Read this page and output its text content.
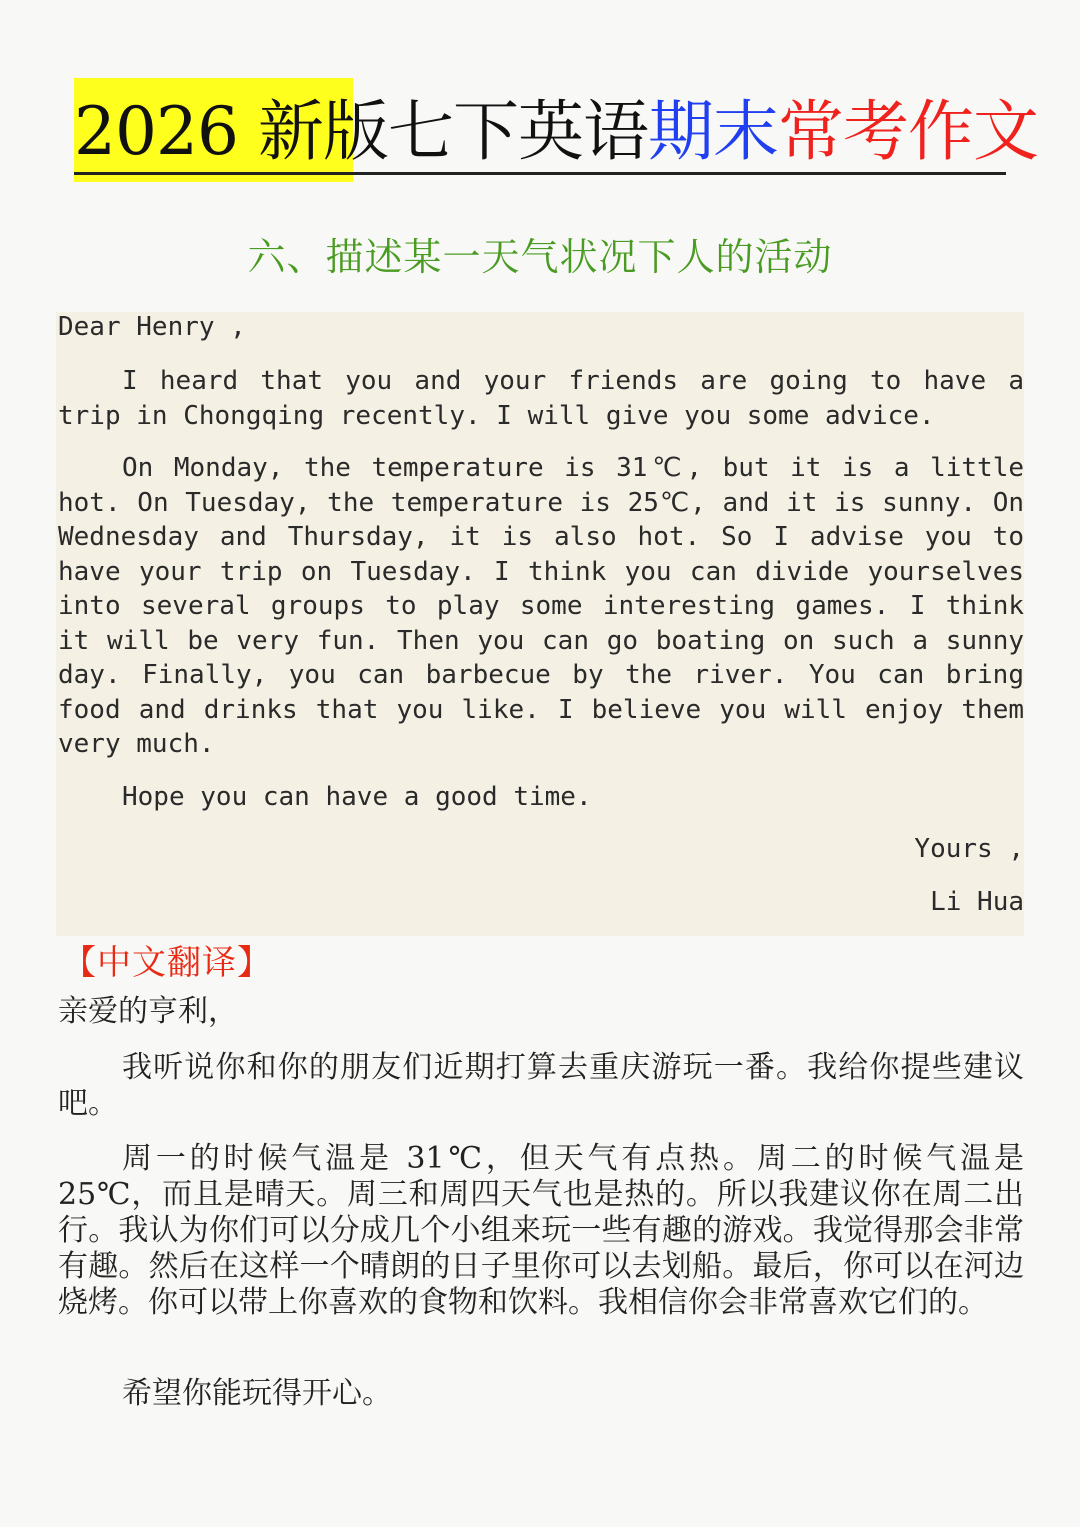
2026 新版七下英语期末常考作文
六、描述某一天气状况下人的活动
Dear Henry ,
I heard that you and your friends are going to have a trip in Chongqing recently. I will give you some advice.
On Monday, the temperature is 31℃, but it is a little hot. On Tuesday, the temperature is 25℃, and it is sunny. On Wednesday and Thursday, it is also hot. So I advise you to have your trip on Tuesday. I think you can divide yourselves into several groups to play some interesting games. I think it will be very fun. Then you can go boating on such a sunny day. Finally, you can barbecue by the river. You can bring food and drinks that you like. I believe you will enjoy them very much.
Hope you can have a good time.
Yours ,
Li Hua
【中文翻译】
亲爱的亨利，
我听说你和你的朋友们近期打算去重庆游玩一番。我给你提些建议吧。
周一的时候气温是 31℃，但天气有点热。周二的时候气温是25℃，而且是晴天。周三和周四天气也是热的。所以我建议你在周二出行。我认为你们可以分成几个小组来玩一些有趣的游戏。我觉得那会非常有趣。然后在这样一个晴朗的日子里你可以去划船。最后，你可以在河边烧烤。你可以带上你喜欢的食物和饮料。我相信你会非常喜欢它们的。
希望你能玩得开心。
